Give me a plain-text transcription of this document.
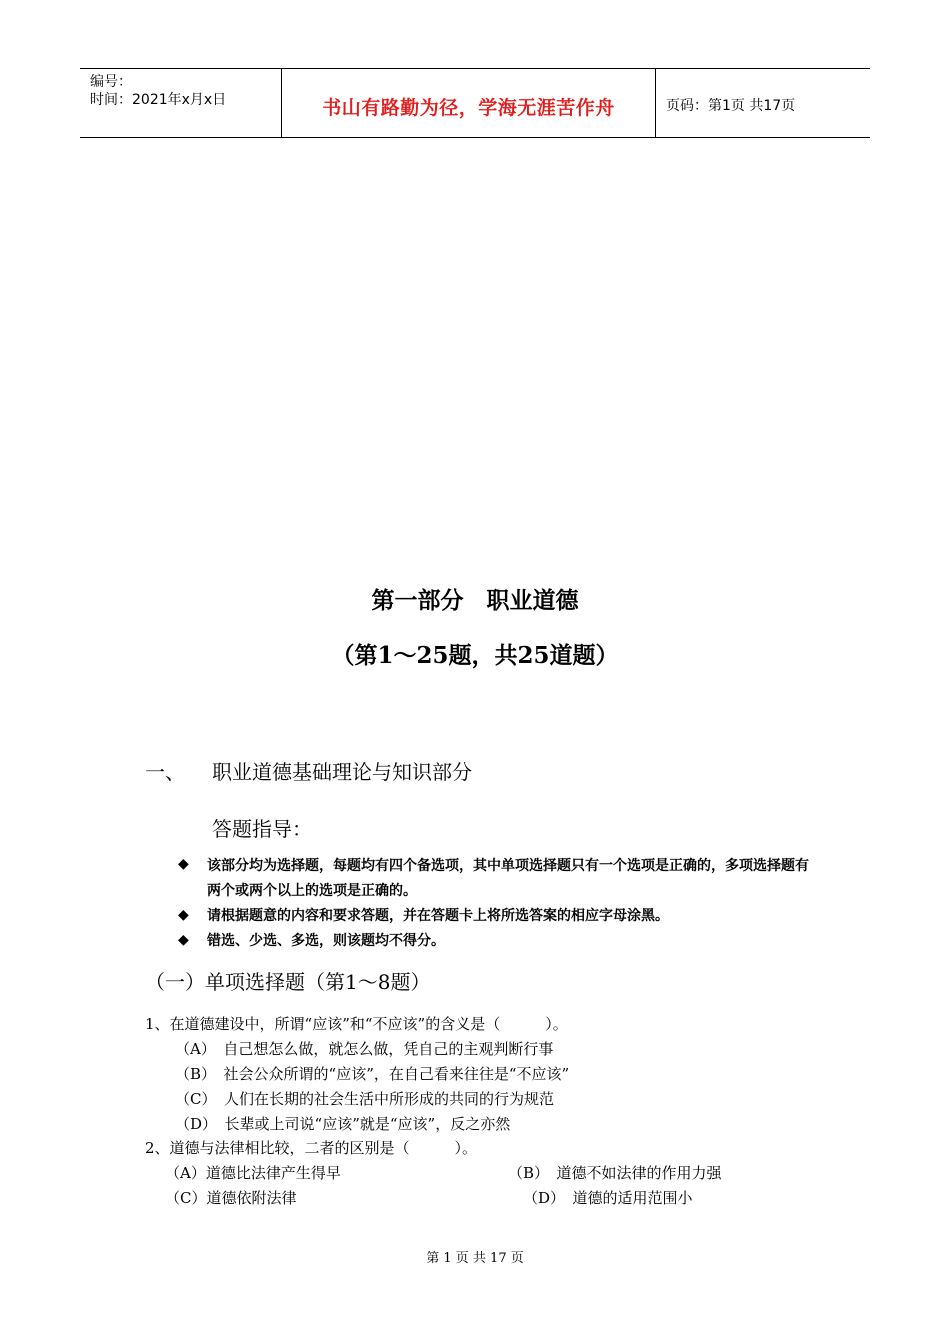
编号：
时间：2021年x月x日	书山有路勤为径，学海无涯苦作舟	页码：第1页 共17页
第一部分　职业道德
（第1～25题，共25道题）
一、 职业道德基础理论与知识部分
答题指导：
◆ 该部分均为选择题，每题均有四个备选项，其中单项选择题只有一个选项是正确的，多项选择题有两个或两个以上的选项是正确的。
◆ 请根据题意的内容和要求答题，并在答题卡上将所选答案的相应字母涂黑。
◆ 错选、少选、多选，则该题均不得分。
（一）单项选择题（第1～8题）
1、在道德建设中，所谓“应该”和“不应该”的含义是（　　　）。
（A）　自己想怎么做，就怎么做，凭自己的主观判断行事
（B）　社会公众所谓的“应该”，在自己看来往往是“不应该”
（C）　人们在长期的社会生活中所形成的共同的行为规范
（D）　长辈或上司说“应该”就是“应该”，反之亦然
2、道德与法律相比较，二者的区别是（　　　）。
（A）道德比法律产生得早	（B）　道德不如法律的作用力强
（C）道德依附法律	（D）　道德的适用范围小
第 1 页 共 17 页
